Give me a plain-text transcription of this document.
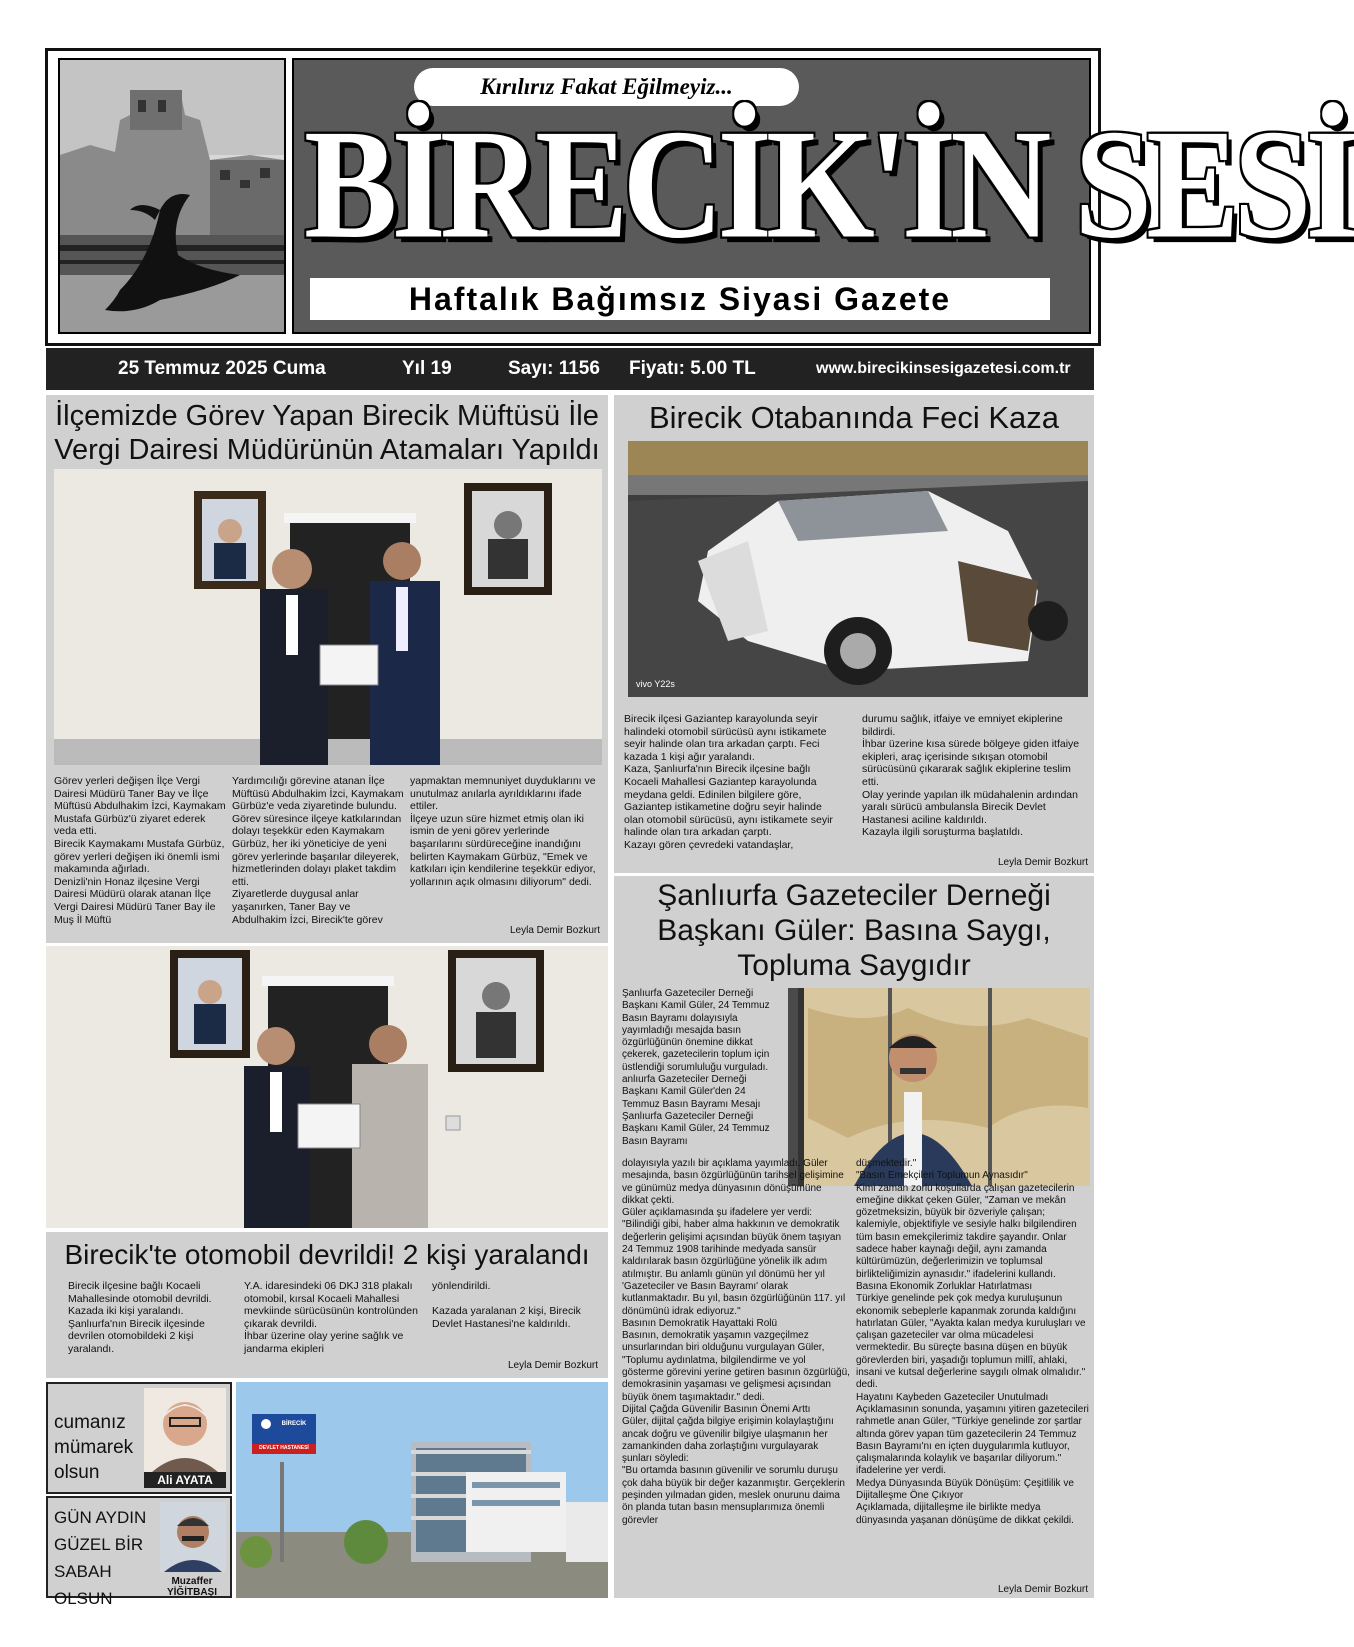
Kırılırız Fakat Eğilmeyiz...
BİRECİK'İN SESİ
Haftalık Bağımsız Siyasi Gazete
25 Temmuz 2025 Cuma	Yıl 19	Sayı: 1156 Fiyatı: 5.00 TL	www.birecikinsesigazetesi.com.tr
İlçemizde Görev Yapan Birecik Müftüsü İle Vergi Dairesi Müdürünün Atamaları Yapıldı
Görev yerleri değişen İlçe Vergi Dairesi Müdürü Taner Bay ve İlçe Müftüsü Abdulhakim İzci, Kaymakam Mustafa Gürbüz'ü ziyaret ederek veda etti.
Birecik Kaymakamı Mustafa Gürbüz, görev yerleri değişen iki önemli ismi makamında ağırladı.
Denizli'nin Honaz ilçesine Vergi Dairesi Müdürü olarak atanan İlçe Vergi Dairesi Müdürü Taner Bay ile Muş İl Müftü
Yardımcılığı görevine atanan İlçe Müftüsü Abdulhakim İzci, Kaymakam Gürbüz'e veda ziyaretinde bulundu.
Görev süresince ilçeye katkılarından dolayı teşekkür eden Kaymakam Gürbüz, her iki yöneticiye de yeni görev yerlerinde başarılar dileyerek, hizmetlerinden dolayı plaket takdim etti.
Ziyaretlerde duygusal anlar yaşanırken, Taner Bay ve Abdulhakim İzci, Birecik'te görev
yapmaktan memnuniyet duyduklarını ve unutulmaz anılarla ayrıldıklarını ifade ettiler.
İlçeye uzun süre hizmet etmiş olan iki ismin de yeni görev yerlerinde başarılarını sürdüreceğine inandığını belirten Kaymakam Gürbüz, "Emek ve katkıları için kendilerine teşekkür ediyor, yollarının açık olmasını diliyorum" dedi.
Leyla Demir Bozkurt
Birecik'te otomobil devrildi! 2 kişi yaralandı
Birecik ilçesine bağlı Kocaeli Mahallesinde otomobil devrildi. Kazada iki kişi yaralandı.
Şanlıurfa'nın Birecik ilçesinde devrilen otomobildeki 2 kişi yaralandı.
Y.A. idaresindeki 06 DKJ 318 plakalı otomobil, kırsal Kocaeli Mahallesi mevkiinde sürücüsünün kontrolünden çıkarak devrildi.
İhbar üzerine olay yerine sağlık ve jandarma ekipleri
yönlendirildi.

Kazada yaralanan 2 kişi, Birecik Devlet Hastanesi'ne kaldırıldı.
Leyla Demir Bozkurt
cumanız mümarek olsun	Ali AYATA
GÜN AYDIN GÜZEL BİR SABAH OLSUN
Muzaffer YİĞİTBAŞI
BİRECİK
DEVLET HASTANESİ
Birecik Otabanında Feci Kaza
vivo Y22s
Birecik ilçesi Gaziantep karayolunda seyir halindeki otomobil sürücüsü aynı istikamete seyir halinde olan tıra arkadan çarptı. Feci kazada 1 kişi ağır yaralandı.
Kaza, Şanlıurfa'nın Birecik ilçesine bağlı Kocaeli Mahallesi Gaziantep karayolunda meydana geldi. Edinilen bilgilere göre, Gaziantep istikametine doğru seyir halinde olan otomobil sürücüsü, aynı istikamete seyir halinde olan tıra arkadan çarptı.
Kazayı gören çevredeki vatandaşlar,
durumu sağlık, itfaiye ve emniyet ekiplerine bildirdi.
İhbar üzerine kısa sürede bölgeye giden itfaiye ekipleri, araç içerisinde sıkışan otomobil sürücüsünü çıkararak sağlık ekiplerine teslim etti.
Olay yerinde yapılan ilk müdahalenin ardından yaralı sürücü ambulansla Birecik Devlet Hastanesi aciline kaldırıldı.
Kazayla ilgili soruşturma başlatıldı.
Leyla Demir Bozkurt
Şanlıurfa Gazeteciler Derneği Başkanı Güler: Basına Saygı, Topluma Saygıdır
Şanlıurfa Gazeteciler Derneği Başkanı Kamil Güler, 24 Temmuz Basın Bayramı dolayısıyla yayımladığı mesajda basın özgürlüğünün önemine dikkat çekerek, gazetecilerin toplum için üstlendiği sorumluluğu vurguladı.
anlıurfa Gazeteciler Derneği Başkanı Kamil Güler'den 24 Temmuz Basın Bayramı Mesajı
Şanlıurfa Gazeteciler Derneği Başkanı Kamil Güler, 24 Temmuz Basın Bayramı
dolayısıyla yazılı bir açıklama yayımladı. Güler mesajında, basın özgürlüğünün tarihsel gelişimine ve günümüz medya dünyasının dönüşümüne dikkat çekti.
Güler açıklamasında şu ifadelere yer verdi:
"Bilindiği gibi, haber alma hakkının ve demokratik değerlerin gelişimi açısından büyük önem taşıyan 24 Temmuz 1908 tarihinde medyada sansür kaldırılarak basın özgürlüğüne yönelik ilk adım atılmıştır. Bu anlamlı günün yıl dönümü her yıl 'Gazeteciler ve Basın Bayramı' olarak kutlanmaktadır. Bu yıl, basın özgürlüğünün 117. yıl dönümünü idrak ediyoruz."
Basının Demokratik Hayattaki Rolü
Basının, demokratik yaşamın vazgeçilmez unsurlarından biri olduğunu vurgulayan Güler, "Toplumu aydınlatma, bilgilendirme ve yol gösterme görevini yerine getiren basının özgürlüğü, demokrasinin yaşaması ve gelişmesi açısından büyük önem taşımaktadır." dedi.
Dijital Çağda Güvenilir Basının Önemi Arttı
Güler, dijital çağda bilgiye erişimin kolaylaştığını ancak doğru ve güvenilir bilgiye ulaşmanın her zamankinden daha zorlaştığını vurgulayarak şunları söyledi:
"Bu ortamda basının güvenilir ve sorumlu duruşu çok daha büyük bir değer kazanmıştır. Gerçeklerin peşinden yılmadan giden, meslek onurunu daima ön planda tutan basın mensuplarımıza önemli görevler
düşmektedir."
"Basın Emekçileri Toplumun Aynasıdır"
Kimi zaman zorlu koşullarda çalışan gazetecilerin emeğine dikkat çeken Güler, "Zaman ve mekân gözetmeksizin, büyük bir özveriyle çalışan; kalemiyle, objektifiyle ve sesiyle halkı bilgilendiren tüm basın emekçilerimiz takdire şayandır. Onlar sadece haber kaynağı değil, aynı zamanda kültürümüzün, değerlerimizin ve toplumsal birlikteliğimizin aynasıdır." ifadelerini kullandı.
Basına Ekonomik Zorluklar Hatırlatması
Türkiye genelinde pek çok medya kuruluşunun ekonomik sebeplerle kapanmak zorunda kaldığını hatırlatan Güler, "Ayakta kalan medya kuruluşları ve çalışan gazeteciler var olma mücadelesi vermektedir. Bu süreçte basına düşen en büyük görevlerden biri, yaşadığı toplumun millî, ahlaki, insani ve kutsal değerlerine saygılı olmak olmalıdır." dedi.
Hayatını Kaybeden Gazeteciler Unutulmadı
Açıklamasının sonunda, yaşamını yitiren gazetecileri rahmetle anan Güler, "Türkiye genelinde zor şartlar altında görev yapan tüm gazetecilerin 24 Temmuz Basın Bayramı'nı en içten duygularımla kutluyor, çalışmalarında kolaylık ve başarılar diliyorum." ifadelerine yer verdi.
Medya Dünyasında Büyük Dönüşüm: Çeşitlilik ve Dijitalleşme Öne Çıkıyor
Açıklamada, dijitalleşme ile birlikte medya dünyasında yaşanan dönüşüme de dikkat çekildi.
Leyla Demir Bozkurt
